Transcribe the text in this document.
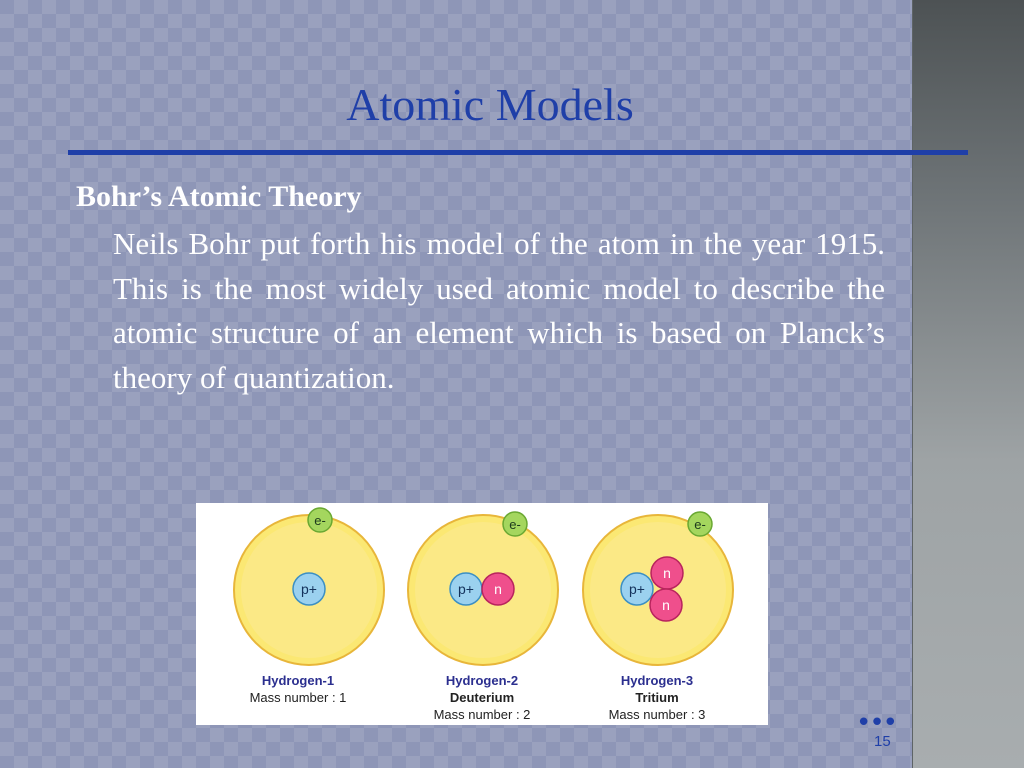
Atomic Models
Bohr’s Atomic Theory

Neils Bohr put forth his model of the atom in the year 1915. This is the most widely used atomic model to describe the atomic structure of an element which is based on Planck’s theory of quantization.

e-
p+
Hydrogen-1
Mass number : 1
e-
p+ n
Hydrogen-2
Deuterium
Mass number : 2
e-
p+
n
n
Hydrogen-3
Tritium
Mass number : 3	•••
15
